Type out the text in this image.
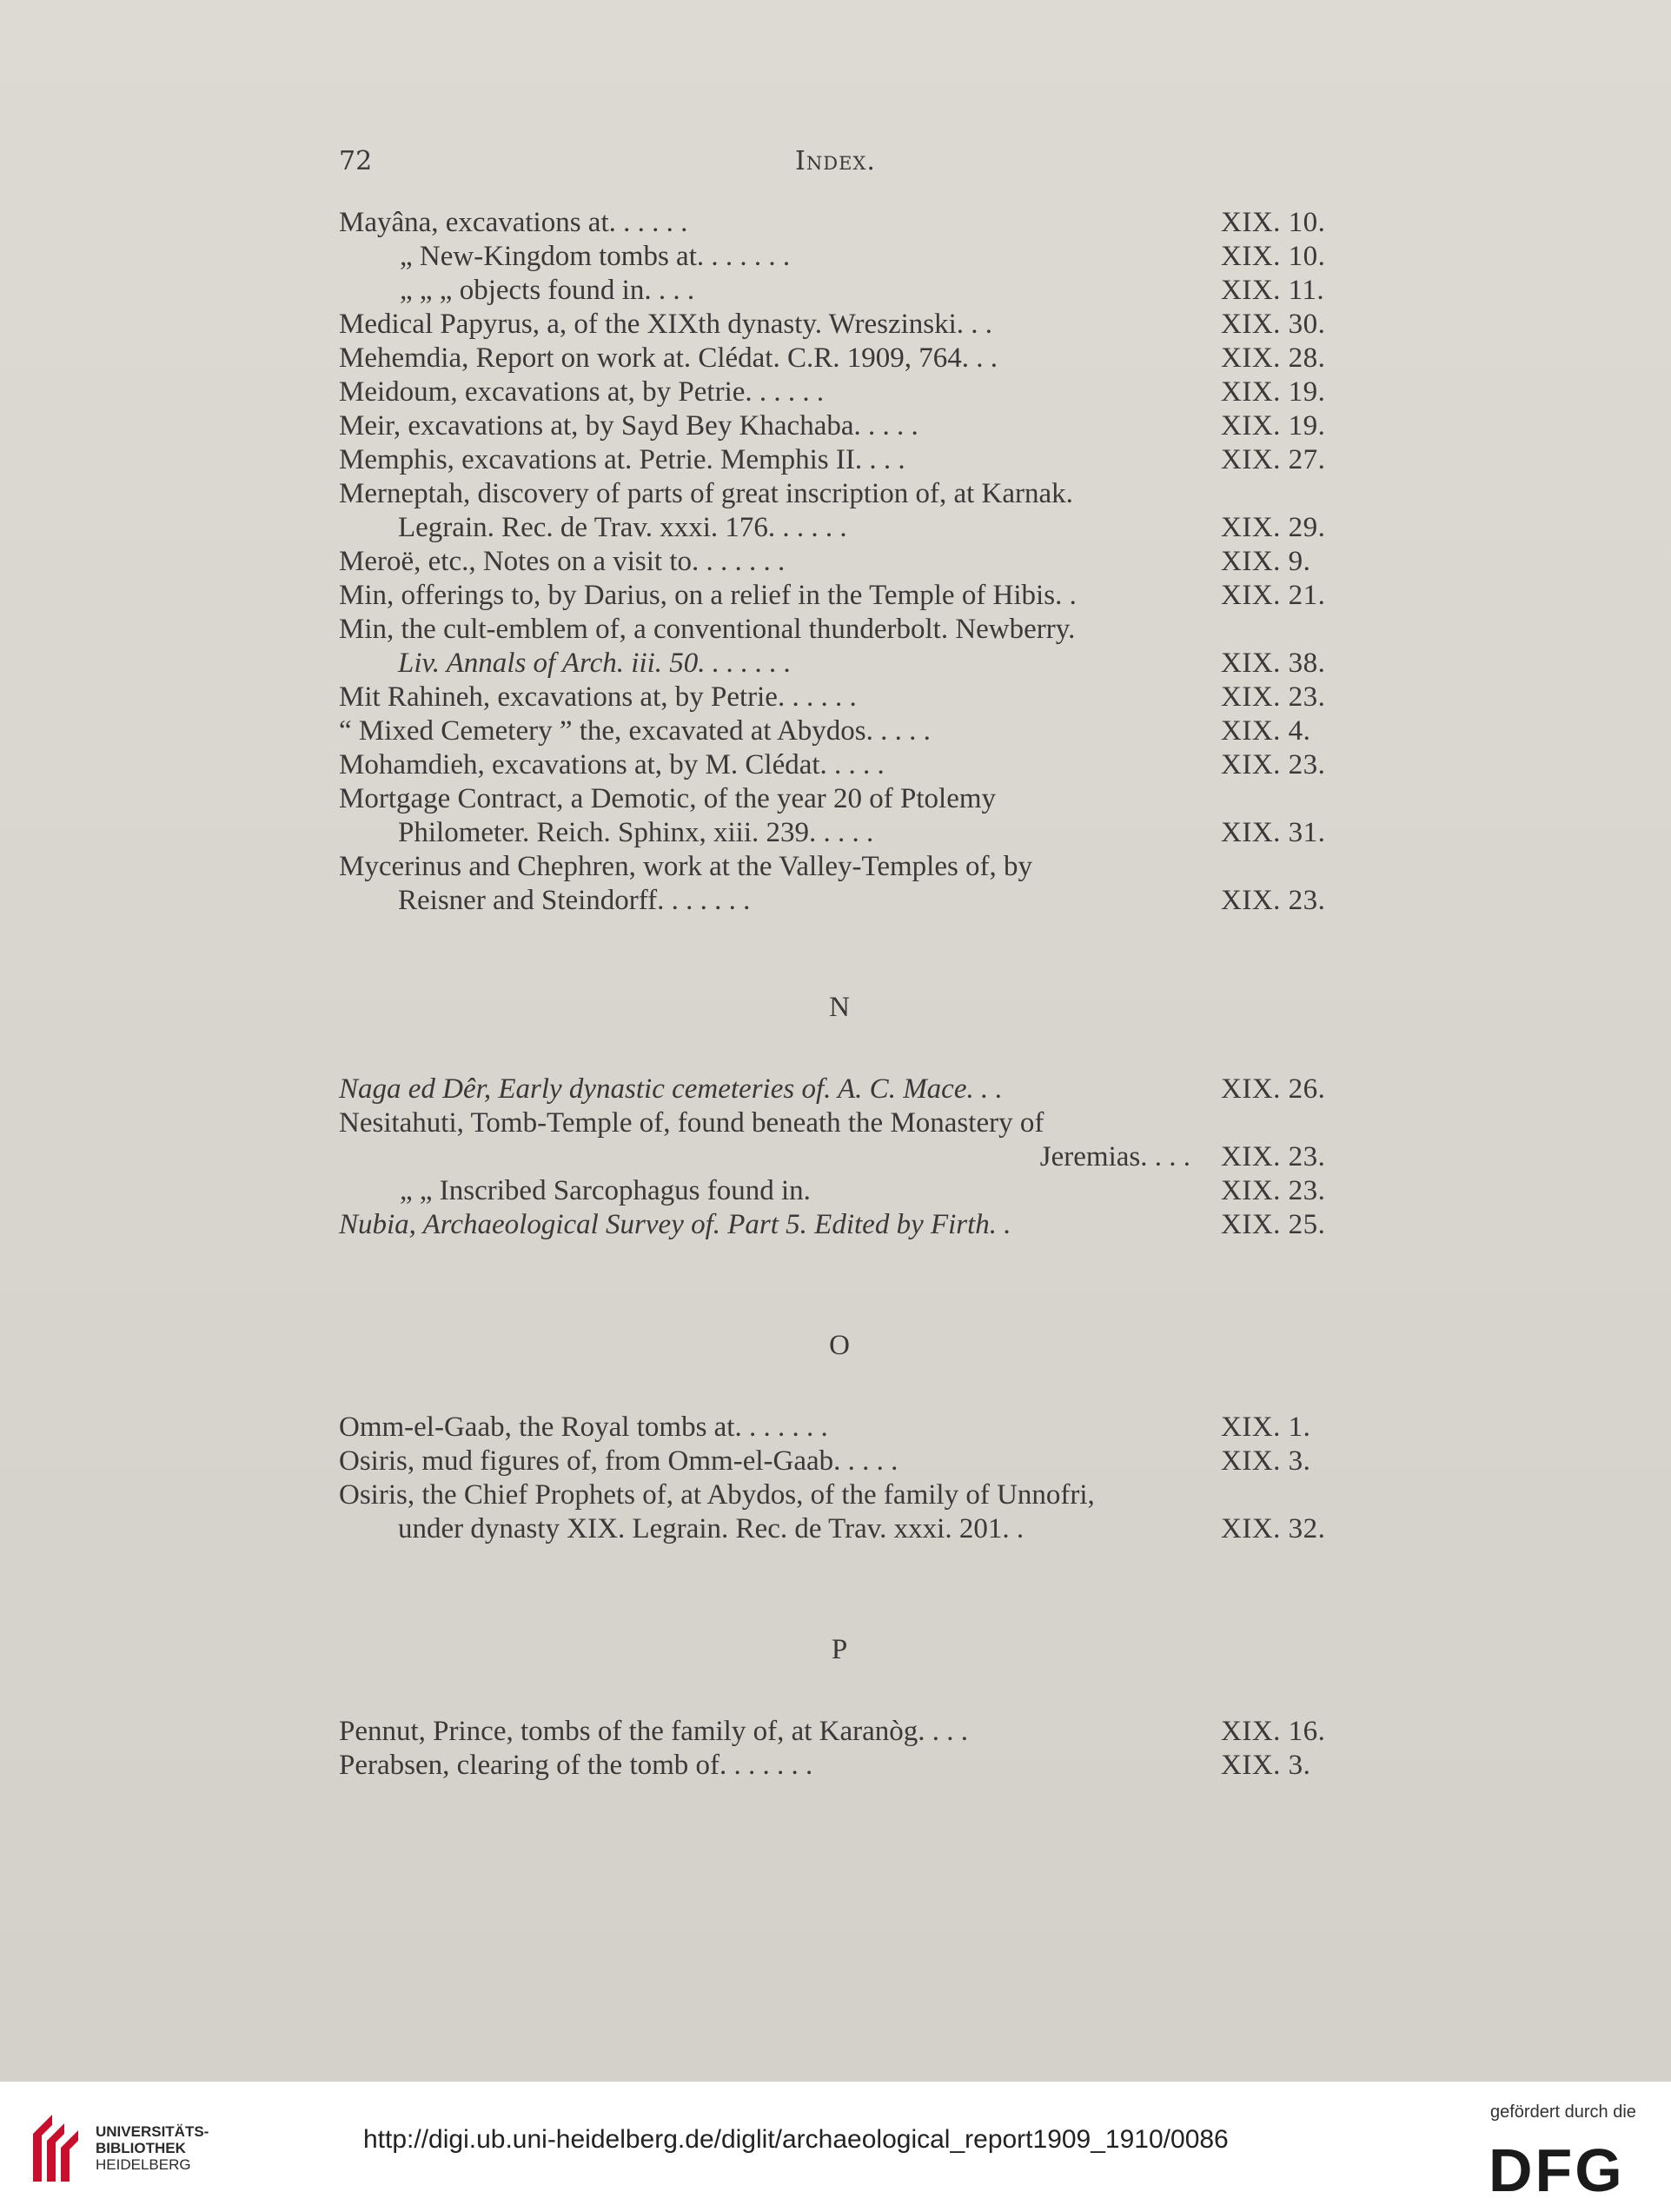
72	Index.
Mayâna, excavations at. . . . . .	XIX. 10.
„ New-Kingdom tombs at. . . . . . .	XIX. 10.
„ „ „ objects found in. . . .	XIX. 11.
Medical Papyrus, a, of the XIXth dynasty. Wreszinski. . .	XIX. 30.
Mehemdia, Report on work at. Clédat. C.R. 1909, 764. . .	XIX. 28.
Meidoum, excavations at, by Petrie. . . . . .	XIX. 19.
Meir, excavations at, by Sayd Bey Khachaba. . . . .	XIX. 19.
Memphis, excavations at. Petrie. Memphis II. . . .	XIX. 27.
Merneptah, discovery of parts of great inscription of, at Karnak.
Legrain. Rec. de Trav. xxxi. 176. . . . . .	XIX. 29.
Meroë, etc., Notes on a visit to. . . . . . .	XIX. 9.
Min, offerings to, by Darius, on a relief in the Temple of Hibis. .	XIX. 21.
Min, the cult-emblem of, a conventional thunderbolt. Newberry.
Liv. Annals of Arch. iii. 50. . . . . . .	XIX. 38.
Mit Rahineh, excavations at, by Petrie. . . . . .	XIX. 23.
“ Mixed Cemetery ” the, excavated at Abydos. . . . .	XIX. 4.
Mohamdieh, excavations at, by M. Clédat. . . . .	XIX. 23.
Mortgage Contract, a Demotic, of the year 20 of Ptolemy
Philometer. Reich. Sphinx, xiii. 239. . . . .	XIX. 31.
Mycerinus and Chephren, work at the Valley-Temples of, by
Reisner and Steindorff. . . . . . .	XIX. 23.
N
Naga ed Dêr, Early dynastic cemeteries of. A. C. Mace. . .	XIX. 26.
Nesitahuti, Tomb-Temple of, found beneath the Monastery of
Jeremias. . . . XIX. 23.
„ „ Inscribed Sarcophagus found in.	XIX. 23.
Nubia, Archaeological Survey of. Part 5. Edited by Firth. .	XIX. 25.
O
Omm-el-Gaab, the Royal tombs at. . . . . . .	XIX. 1.
Osiris, mud figures of, from Omm-el-Gaab. . . . .	XIX. 3.
Osiris, the Chief Prophets of, at Abydos, of the family of Unnofri,
under dynasty XIX. Legrain. Rec. de Trav. xxxi. 201. .	XIX. 32.
P
Pennut, Prince, tombs of the family of, at Karanòg. . . .	XIX. 16.
Perabsen, clearing of the tomb of. . . . . . .	XIX. 3.
UNIVERSITÄTS-
BIBLIOTHEK
HEIDELBERG
http://digi.ub.uni-heidelberg.de/diglit/archaeological_report1909_1910/0086
gefördert durch die
DFG
